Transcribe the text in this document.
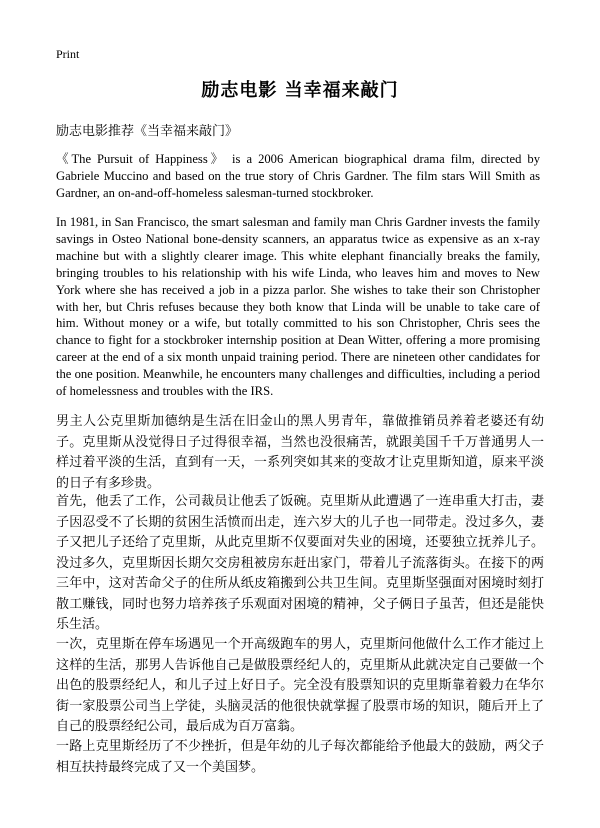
Print
励志电影 当幸福来敲门
励志电影推荐《当幸福来敲门》

《The Pursuit of Happiness》 is a 2006 American biographical drama film, directed by Gabriele Muccino and based on the true story of Chris Gardner. The film stars Will Smith as Gardner, an on-and-off-homeless salesman-turned stockbroker.

In 1981, in San Francisco, the smart salesman and family man Chris Gardner invests the family savings in Osteo National bone-density scanners, an apparatus twice as expensive as an x-ray machine but with a slightly clearer image. This white elephant financially breaks the family, bringing troubles to his relationship with his wife Linda, who leaves him and moves to New York where she has received a job in a pizza parlor. She wishes to take their son Christopher with her, but Chris refuses because they both know that Linda will be unable to take care of him. Without money or a wife, but totally committed to his son Christopher, Chris sees the chance to fight for a stockbroker internship position at Dean Witter, offering a more promising career at the end of a six month unpaid training period. There are nineteen other candidates for the one position. Meanwhile, he encounters many challenges and difficulties, including a period of homelessness and troubles with the IRS.

男主人公克里斯加德纳是生活在旧金山的黑人男青年，靠做推销员养着老婆还有幼子。克里斯从没觉得日子过得很幸福，当然也没很痛苦，就跟美国千千万普通男人一样过着平淡的生活，直到有一天，一系列突如其来的变故才让克里斯知道，原来平淡的日子有多珍贵。

首先，他丢了工作，公司裁员让他丢了饭碗。克里斯从此遭遇了一连串重大打击，妻子因忍受不了长期的贫困生活愤而出走，连六岁大的儿子也一同带走。没过多久，妻子又把儿子还给了克里斯，从此克里斯不仅要面对失业的困境，还要独立抚养儿子。没过多久，克里斯因长期欠交房租被房东赶出家门，带着儿子流落街头。在接下的两三年中，这对苦命父子的住所从纸皮箱搬到公共卫生间。克里斯坚强面对困境时刻打散工赚钱，同时也努力培养孩子乐观面对困境的精神，父子俩日子虽苦，但还是能快乐生活。

一次，克里斯在停车场遇见一个开高级跑车的男人，克里斯问他做什么工作才能过上这样的生活，那男人告诉他自己是做股票经纪人的，克里斯从此就决定自己要做一个出色的股票经纪人，和儿子过上好日子。完全没有股票知识的克里斯靠着毅力在华尔街一家股票公司当上学徒，头脑灵活的他很快就掌握了股票市场的知识，随后开上了自己的股票经纪公司，最后成为百万富翁。

一路上克里斯经历了不少挫折，但是年幼的儿子每次都能给予他最大的鼓励，两父子相互扶持最终完成了又一个美国梦。
